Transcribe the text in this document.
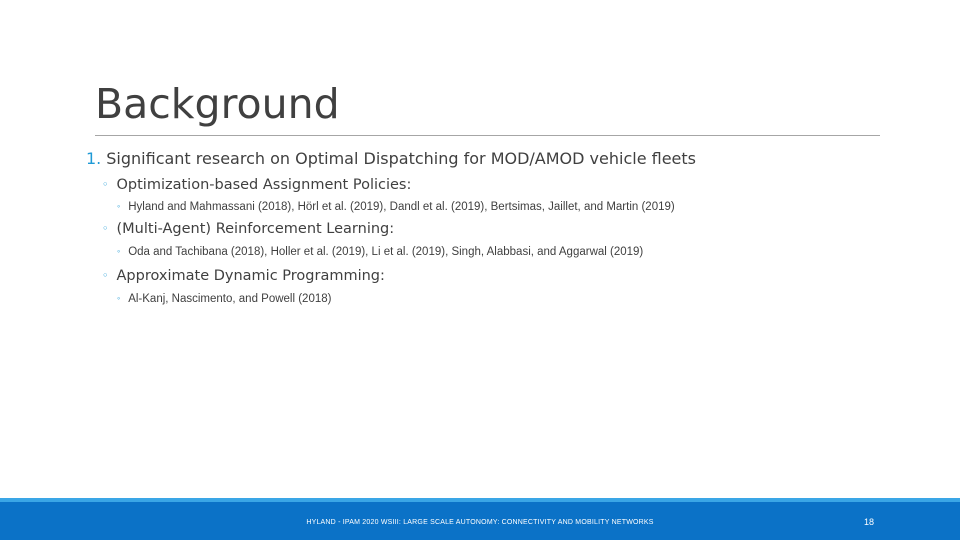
Background
1. Significant research on Optimal Dispatching for MOD/AMOD vehicle fleets
◦ Optimization-based Assignment Policies:
◦ Hyland and Mahmassani (2018), Hörl et al. (2019), Dandl et al. (2019), Bertsimas, Jaillet, and Martin (2019)
◦ (Multi-Agent) Reinforcement Learning:
◦ Oda and Tachibana (2018), Holler et al. (2019), Li et al. (2019), Singh, Alabbasi, and Aggarwal (2019)
◦ Approximate Dynamic Programming:
◦ Al-Kanj, Nascimento, and Powell (2018)
HYLAND - IPAM 2020 WSIII: LARGE SCALE AUTONOMY: CONNECTIVITY AND MOBILITY NETWORKS	18
